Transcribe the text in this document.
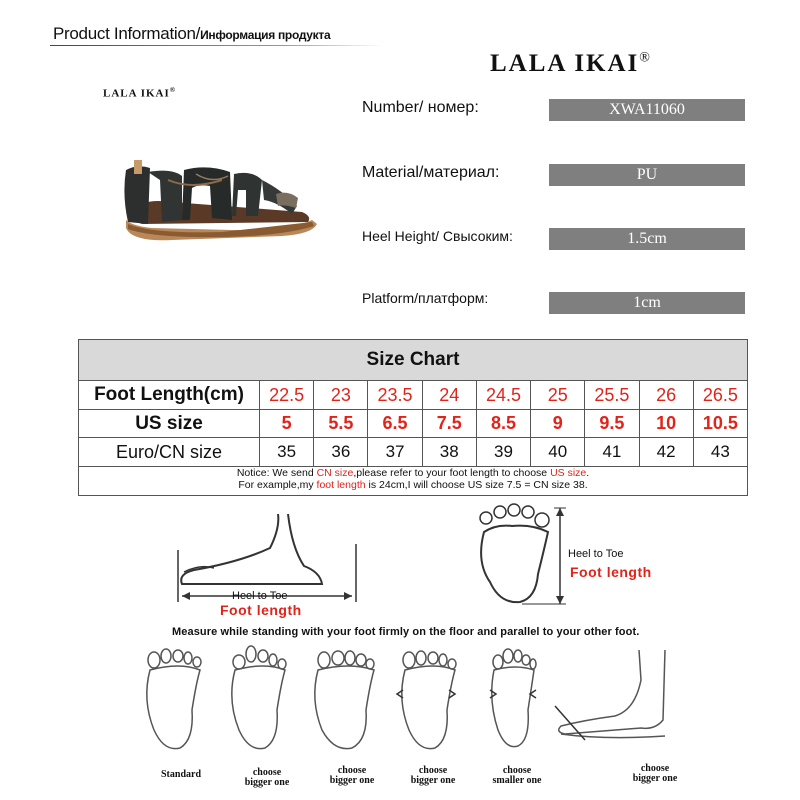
Product Information/Информация продукта
LALA IKAI®
LALA IKAI®
Number/ номер:	XWA11060
Material/материал:	PU
Heel Height/ Свысоким:	1.5cm
Platform/платформ:	1cm
Size Chart
Foot Length(cm)	22.5	23	23.5	24	24.5	25	25.5	26	26.5
US size	5	5.5	6.5	7.5	8.5	9	9.5	10	10.5
Euro/CN size	35	36	37	38	39	40	41	42	43
Notice: We send CN size,please refer to your foot length to choose US size.
For example,my foot length is 24cm,I will choose US size 7.5 = CN size 38.
Heel to Toe
Foot length
Heel to Toe
Foot length
Measure while standing with your foot firmly on the floor and parallel to your other foot.
Standard	choose
bigger one
choose
bigger one
choose
bigger one
choose
smaller one
choose
bigger one
